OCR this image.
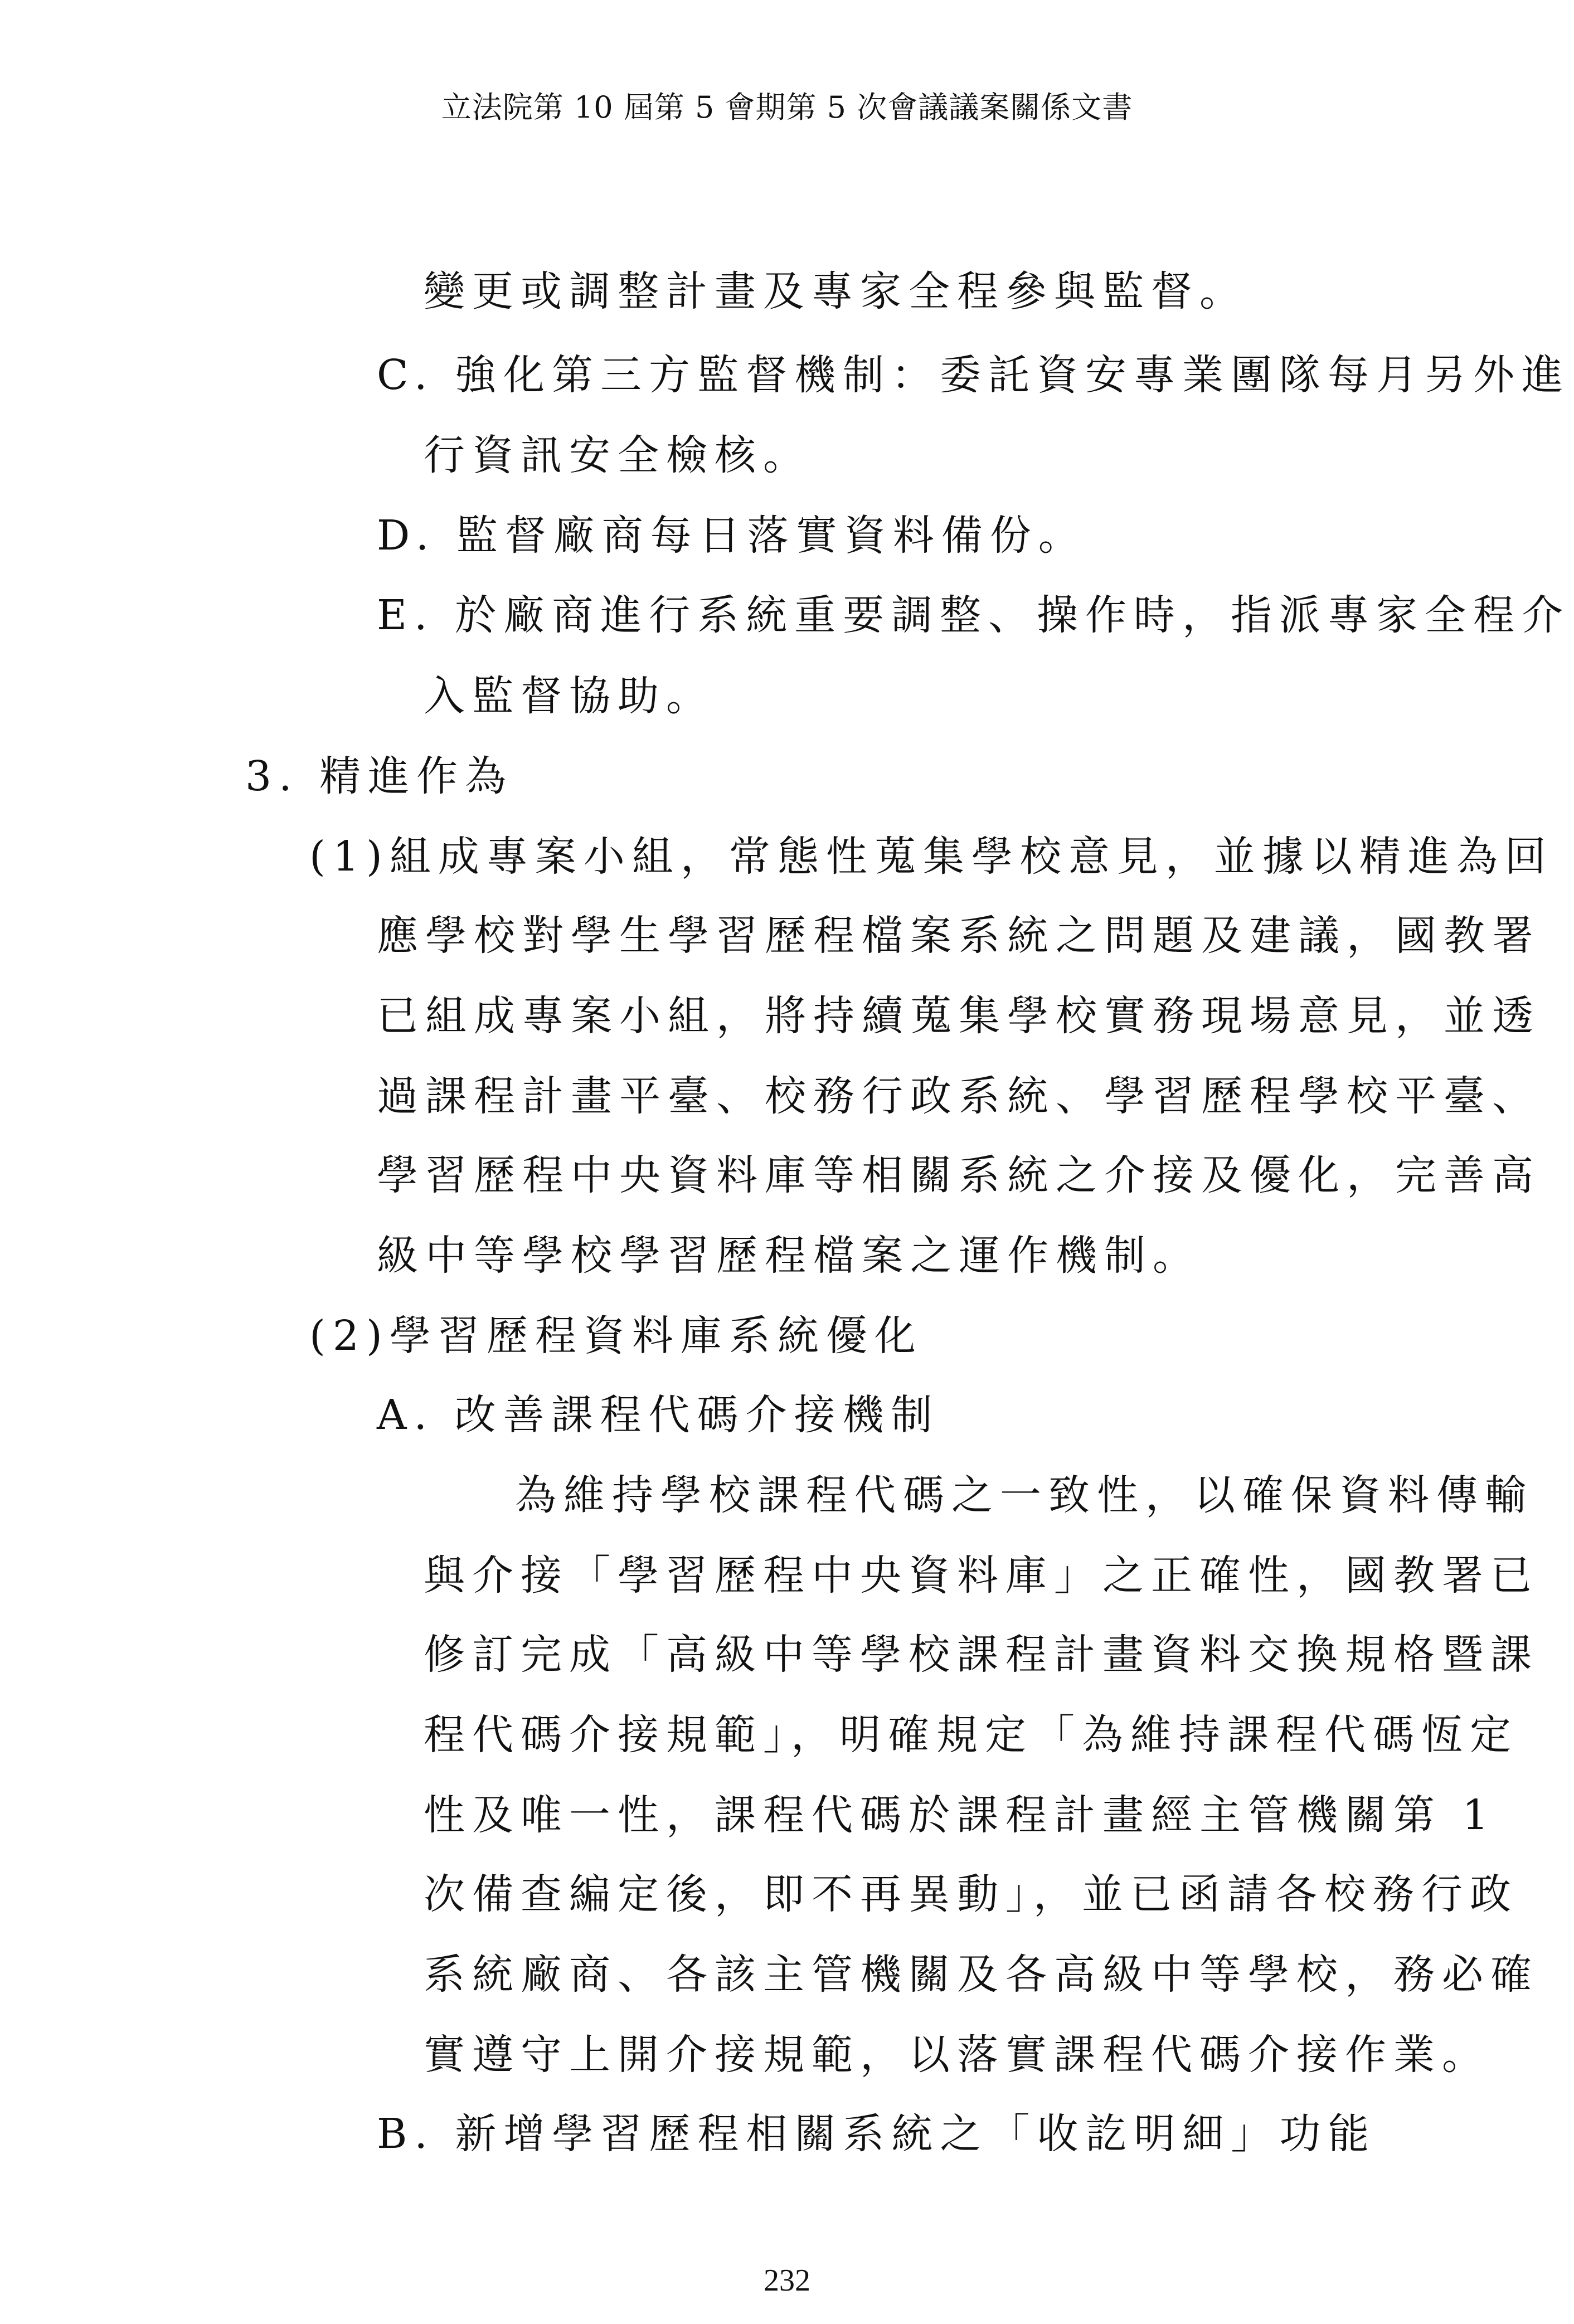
立法院第 10 屆第 5 會期第 5 次會議議案關係文書
變更或調整計畫及專家全程參與監督。
C. 強化第三方監督機制：委託資安專業團隊每月另外進
行資訊安全檢核。
D. 監督廠商每日落實資料備份。
E. 於廠商進行系統重要調整、操作時，指派專家全程介
入監督協助。
3. 精進作為
(1)組成專案小組，常態性蒐集學校意見，並據以精進為回
應學校對學生學習歷程檔案系統之問題及建議，國教署
已組成專案小組，將持續蒐集學校實務現場意見，並透
過課程計畫平臺、校務行政系統、學習歷程學校平臺、
學習歷程中央資料庫等相關系統之介接及優化，完善高
級中等學校學習歷程檔案之運作機制。
(2)學習歷程資料庫系統優化
A. 改善課程代碼介接機制
為維持學校課程代碼之一致性，以確保資料傳輸
與介接「學習歷程中央資料庫」之正確性，國教署已
修訂完成「高級中等學校課程計畫資料交換規格暨課
程代碼介接規範」，明確規定「為維持課程代碼恆定
性及唯一性，課程代碼於課程計畫經主管機關第 1
次備查編定後，即不再異動」，並已函請各校務行政
系統廠商、各該主管機關及各高級中等學校，務必確
實遵守上開介接規範，以落實課程代碼介接作業。
B. 新增學習歷程相關系統之「收訖明細」功能
232
